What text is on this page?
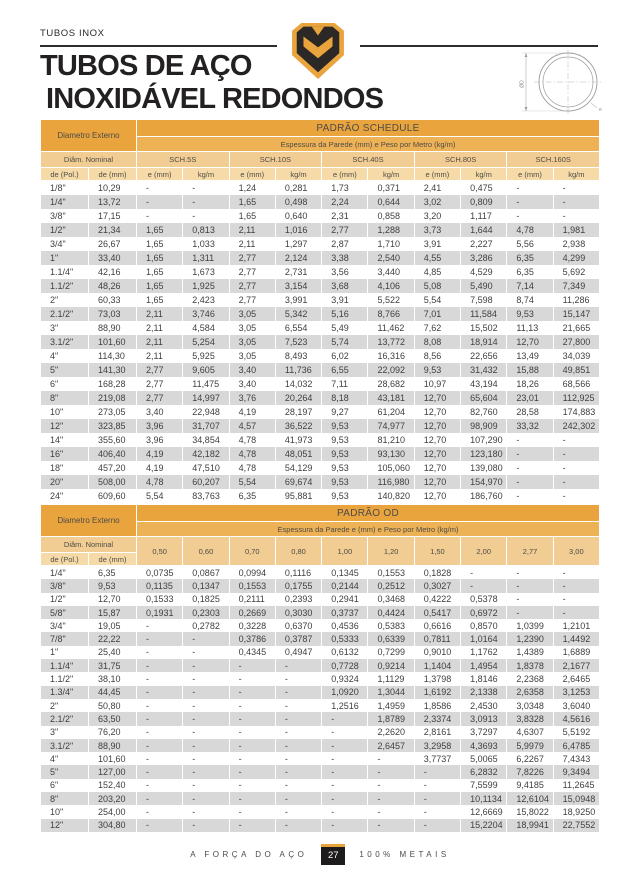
TUBOS INOX
TUBOS DE AÇO
INOXIDÁVEL REDONDOS	ØD
e
Diametro Externo		PADRÃO SCHEDULE									
		Espessura da Parede (mm) e Peso por Metro (kg/m)									
Diâm. Nominal		SCH.5S		SCH.10S		SCH.40S		SCH.80S		SCH.160S	
de (Pol.)	de (mm)	e (mm)	kg/m	e (mm)	kg/m	e (mm)	kg/m	e (mm)	kg/m	e (mm)	kg/m
1/8"	10,29	-	-	1,24	0,281	1,73	0,371	2,41	0,475	-	-
1/4"	13,72	-	-	1,65	0,498	2,24	0,644	3,02	0,809	-	-
3/8"	17,15	-	-	1,65	0,640	2,31	0,858	3,20	1,117	-	-
1/2"	21,34	1,65	0,813	2,11	1,016	2,77	1,288	3,73	1,644	4,78	1,981
3/4"	26,67	1,65	1,033	2,11	1,297	2,87	1,710	3,91	2,227	5,56	2,938
1"	33,40	1,65	1,311	2,77	2,124	3,38	2,540	4,55	3,286	6,35	4,299
1.1/4"	42,16	1,65	1,673	2,77	2,731	3,56	3,440	4,85	4,529	6,35	5,692
1.1/2"	48,26	1,65	1,925	2,77	3,154	3,68	4,106	5,08	5,490	7,14	7,349
2"	60,33	1,65	2,423	2,77	3,991	3,91	5,522	5,54	7,598	8,74	11,286
2.1/2"	73,03	2,11	3,746	3,05	5,342	5,16	8,766	7,01	11,584	9,53	15,147
3"	88,90	2,11	4,584	3,05	6,554	5,49	11,462	7,62	15,502	11,13	21,665
3.1/2"	101,60	2,11	5,254	3,05	7,523	5,74	13,772	8,08	18,914	12,70	27,800
4"	114,30	2,11	5,925	3,05	8,493	6,02	16,316	8,56	22,656	13,49	34,039
5"	141,30	2,77	9,605	3,40	11,736	6,55	22,092	9,53	31,432	15,88	49,851
6"	168,28	2,77	11,475	3,40	14,032	7,11	28,682	10,97	43,194	18,26	68,566
8"	219,08	2,77	14,997	3,76	20,264	8,18	43,181	12,70	65,604	23,01	112,925
10"	273,05	3,40	22,948	4,19	28,197	9,27	61,204	12,70	82,760	28,58	174,883
12"	323,85	3,96	31,707	4,57	36,522	9,53	74,977	12,70	98,909	33,32	242,302
14"	355,60	3,96	34,854	4,78	41,973	9,53	81,210	12,70	107,290	-	-
16"	406,40	4,19	42,182	4,78	48,051	9,53	93,130	12,70	123,180	-	-
18"	457,20	4,19	47,510	4,78	54,129	9,53	105,060	12,70	139,080	-	-
20"	508,00	4,78	60,207	5,54	69,674	9,53	116,980	12,70	154,970	-	-
24"	609,60	5,54	83,763	6,35	95,881	9,53	140,820	12,70	186,760	-	-
Diametro Externo		PADRÃO OD									
		Espessura da Parede e (mm) e Peso por Metro (kg/m)									
Diâm. Nominal		0,50	0,60	0,70	0,80	1,00	1,20	1,50	2,00	2,77	3,00
de (Pol.)	de (mm)										
1/4"	6,35	0,0735	0,0867	0,0994	0,1116	0,1345	0,1553	0,1828	-	-	-
3/8"	9,53	0,1135	0,1347	0,1553	0,1755	0,2144	0,2512	0,3027	-	-	-
1/2"	12,70	0,1533	0,1825	0,2111	0,2393	0,2941	0,3468	0,4222	0,5378	-	-
5/8"	15,87	0,1931	0,2303	0,2669	0,3030	0,3737	0,4424	0,5417	0,6972	-	-
3/4"	19,05	-	0,2782	0,3228	0,6370	0,4536	0,5383	0,6616	0,8570	1,0399	1,2101
7/8"	22,22	-	-	0,3786	0,3787	0,5333	0,6339	0,7811	1,0164	1,2390	1,4492
1"	25,40	-	-	0,4345	0,4947	0,6132	0,7299	0,9010	1,1762	1,4389	1,6889
1.1/4"	31,75	-	-	-	-	0,7728	0,9214	1,1404	1,4954	1,8378	2,1677
1.1/2"	38,10	-	-	-	-	0,9324	1,1129	1,3798	1,8146	2,2368	2,6465
1.3/4"	44,45	-	-	-	-	1,0920	1,3044	1,6192	2,1338	2,6358	3,1253
2"	50,80	-	-	-	-	1,2516	1,4959	1,8586	2,4530	3,0348	3,6040
2.1/2"	63,50	-	-	-	-	-	1,8789	2,3374	3,0913	3,8328	4,5616
3"	76,20	-	-	-	-	-	2,2620	2,8161	3,7297	4,6307	5,5192
3.1/2"	88,90	-	-	-	-	-	2,6457	3,2958	4,3693	5,9979	6,4785
4"	101,60	-	-	-	-	-	-	3,7737	5,0065	6,2267	7,4343
5"	127,00	-	-	-	-	-	-	-	6,2832	7,8226	9,3494
6"	152,40	-	-	-	-	-	-	-	7,5599	9,4185	11,2645
8"	203,20	-	-	-	-	-	-	-	10,1134	12,6104	15,0948
10"	254,00	-	-	-	-	-	-	-	12,6669	15,8022	18,9250
12"	304,80	-	-	-	-	-	-	-	15,2204	18,9941	22,7552
A FORÇA DO AÇO	27	100% METAIS
